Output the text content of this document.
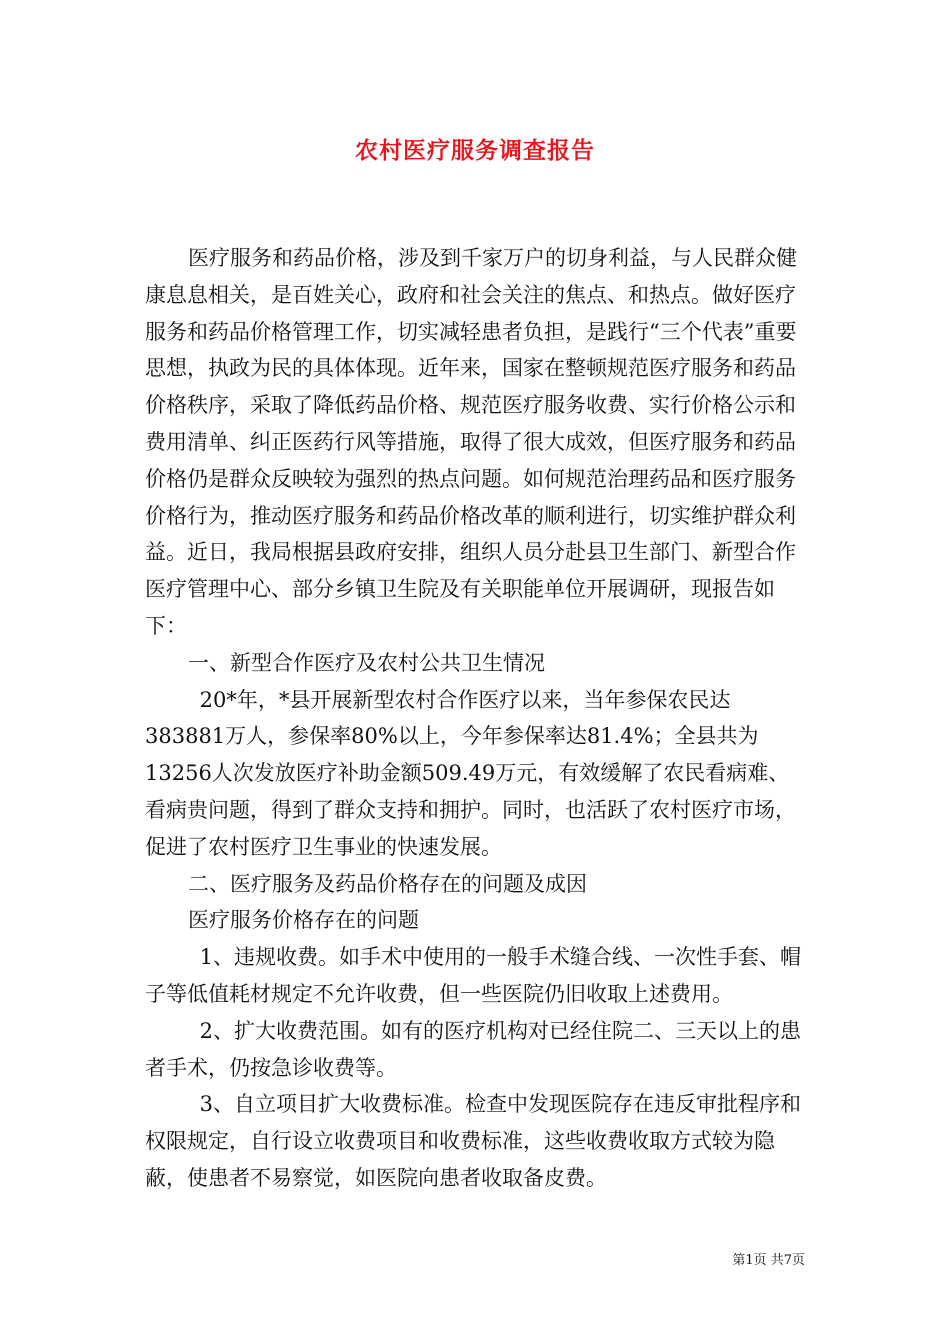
农村医疗服务调查报告

医疗服务和药品价格，涉及到千家万户的切身利益，与人民群众健康息息相关，是百姓关心，政府和社会关注的焦点、和热点。做好医疗服务和药品价格管理工作，切实减轻患者负担，是践行“三个代表”重要思想，执政为民的具体体现。近年来，国家在整顿规范医疗服务和药品价格秩序，采取了降低药品价格、规范医疗服务收费、实行价格公示和费用清单、纠正医药行风等措施，取得了很大成效，但医疗服务和药品价格仍是群众反映较为强烈的热点问题。如何规范治理药品和医疗服务价格行为，推动医疗服务和药品价格改革的顺利进行，切实维护群众利益。近日，我局根据县政府安排，组织人员分赴县卫生部门、新型合作医疗管理中心、部分乡镇卫生院及有关职能单位开展调研，现报告如下：

一、新型合作医疗及农村公共卫生情况

20*年，*县开展新型农村合作医疗以来，当年参保农民达383881万人，参保率80%以上，今年参保率达81.4%；全县共为13256人次发放医疗补助金额509.49万元，有效缓解了农民看病难、看病贵问题，得到了群众支持和拥护。同时，也活跃了农村医疗市场，促进了农村医疗卫生事业的快速发展。

二、医疗服务及药品价格存在的问题及成因

医疗服务价格存在的问题

1、违规收费。如手术中使用的一般手术缝合线、一次性手套、帽子等低值耗材规定不允许收费，但一些医院仍旧收取上述费用。

2、扩大收费范围。如有的医疗机构对已经住院二、三天以上的患者手术，仍按急诊收费等。

3、自立项目扩大收费标准。检查中发现医院存在违反审批程序和权限规定，自行设立收费项目和收费标准，这些收费收取方式较为隐蔽，使患者不易察觉，如医院向患者收取备皮费。

第1页 共7页
